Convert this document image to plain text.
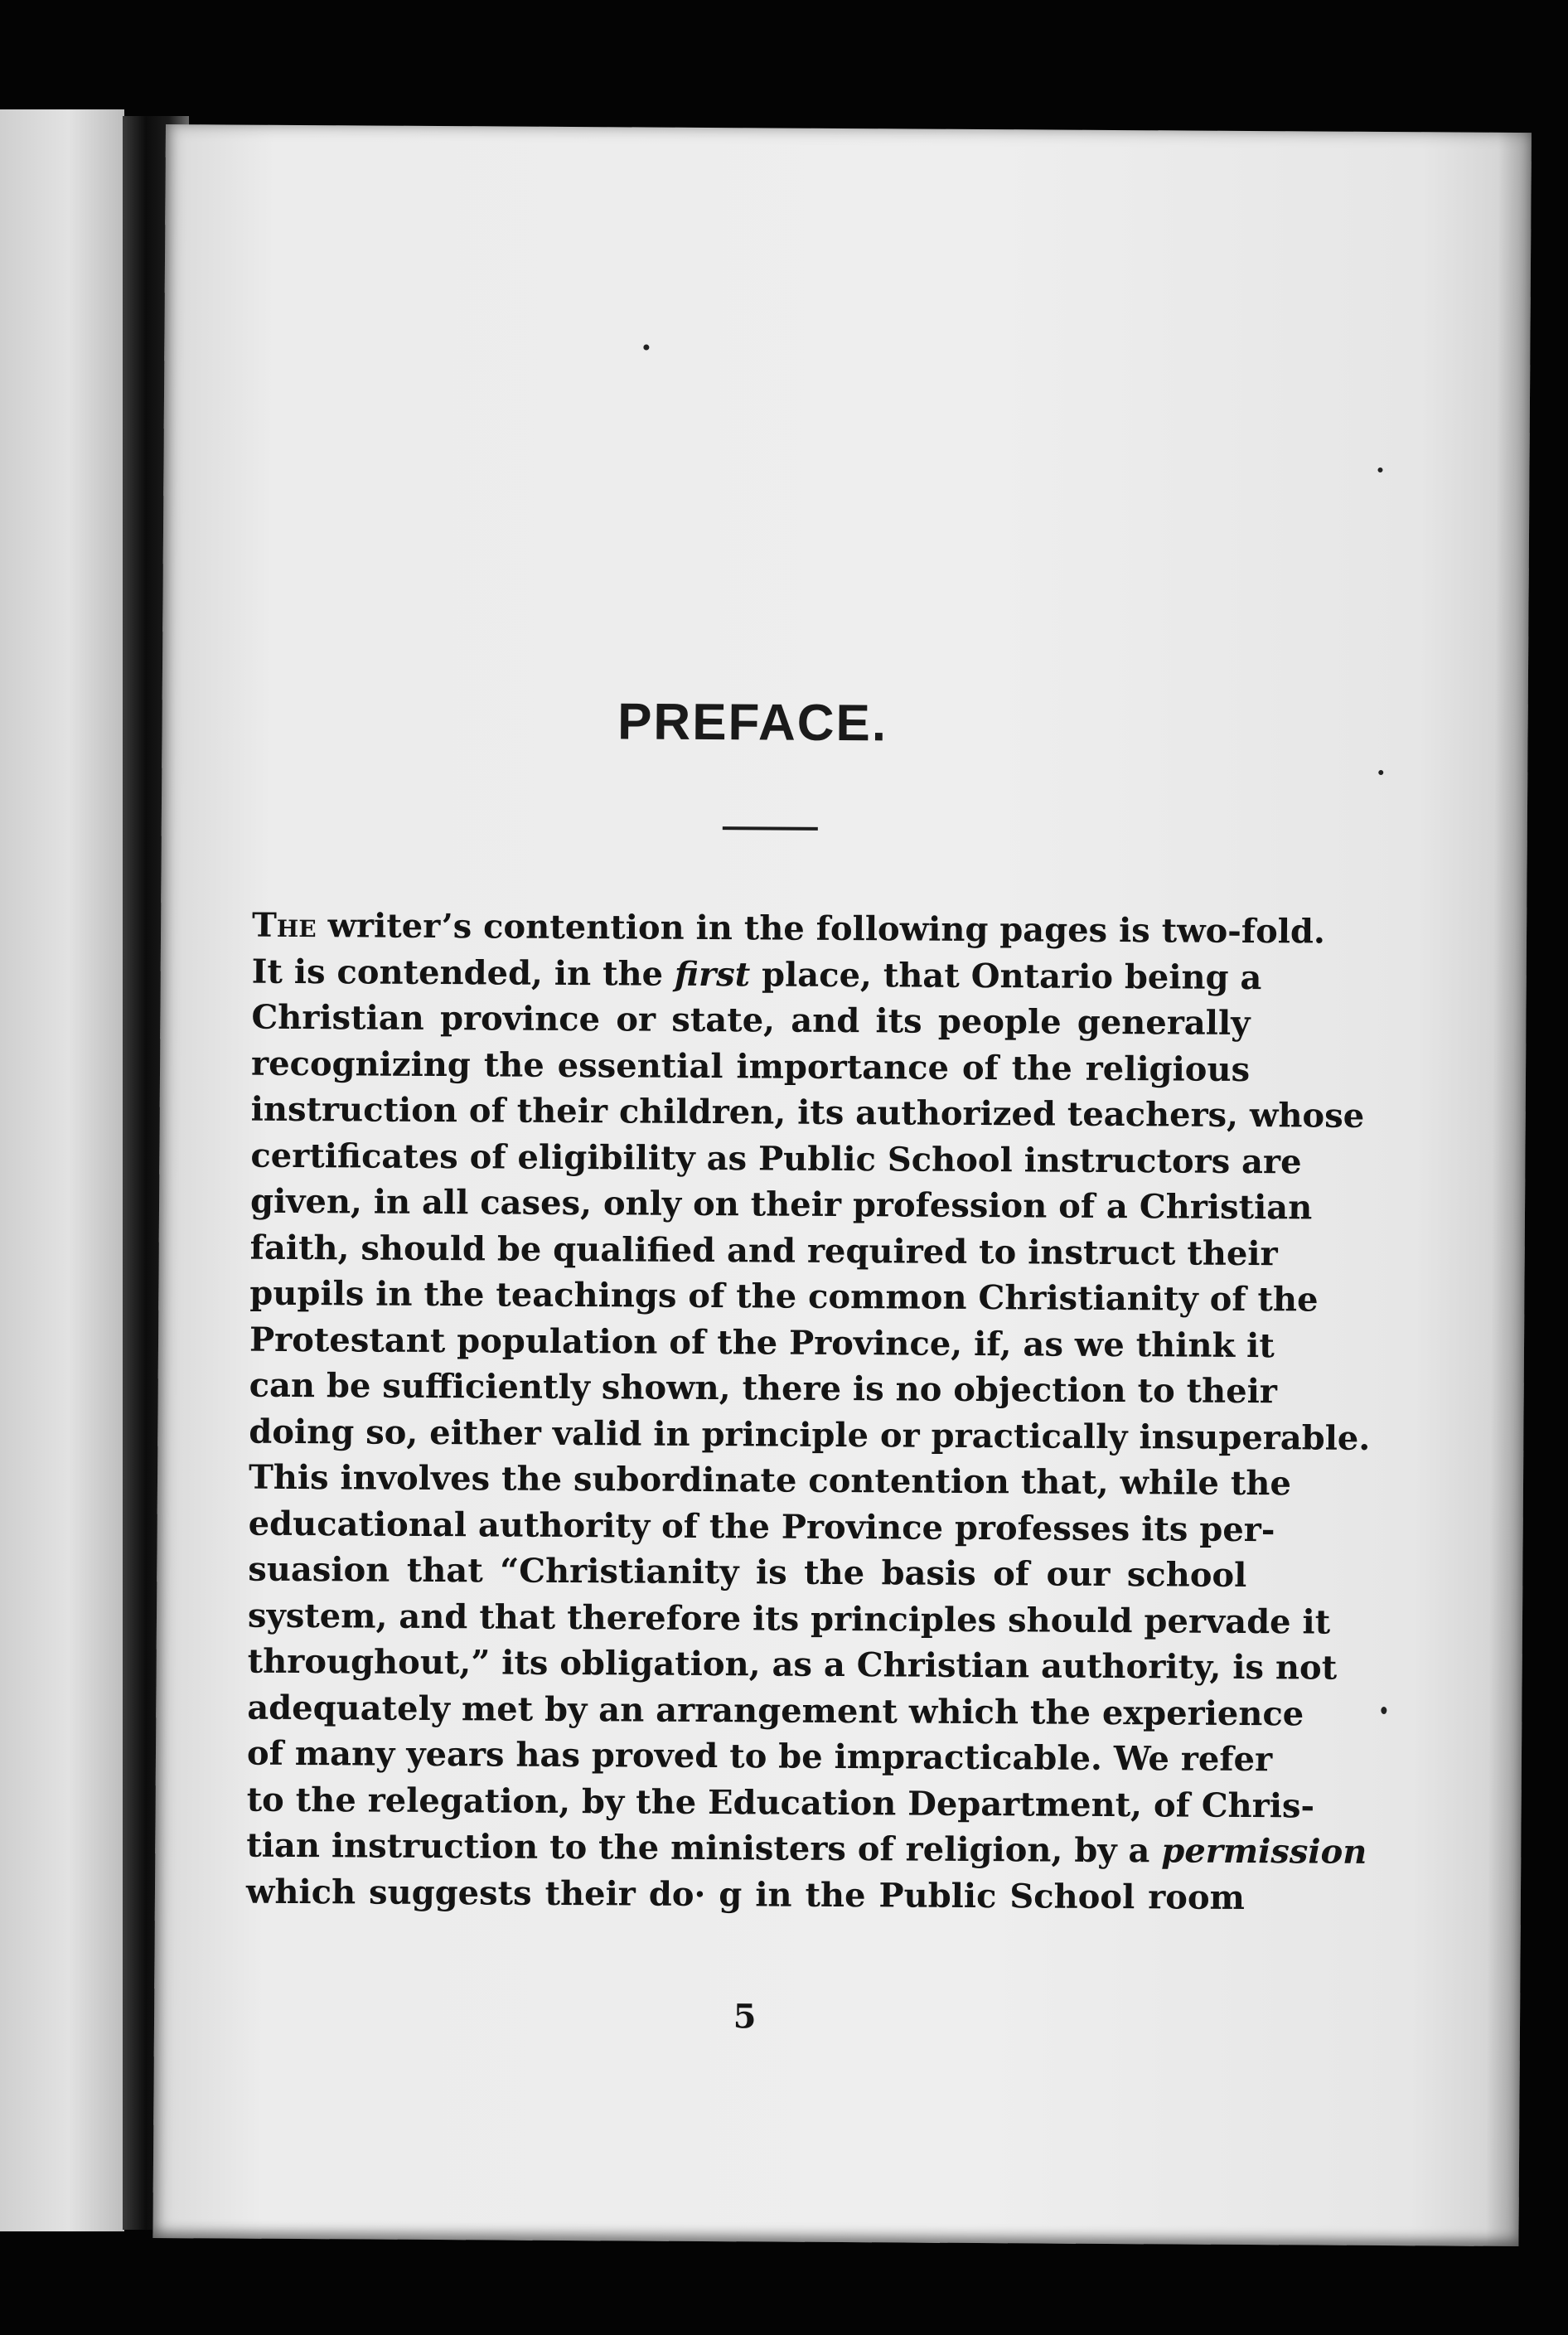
PREFACE.
The writer’s contention in the following pages is two-fold.
It is contended, in the first place, that Ontario being a
Christian province or state, and its people generally
recognizing the essential importance of the religious
instruction of their children, its authorized teachers, whose
certificates of eligibility as Public School instructors are
given, in all cases, only on their profession of a Christian
faith, should be qualified and required to instruct their
pupils in the teachings of the common Christianity of the
Protestant population of the Province, if, as we think it
can be sufficiently shown, there is no objection to their
doing so, either valid in principle or practically insuperable.
This involves the subordinate contention that, while the
educational authority of the Province professes its per-
suasion that “Christianity is the basis of our school
system, and that therefore its principles should pervade it
throughout,” its obligation, as a Christian authority, is not
adequately met by an arrangement which the experience
of many years has proved to be impracticable. We refer
to the relegation, by the Education Department, of Chris-
tian instruction to the ministers of religion, by a permission
which suggests their do· g in the Public School room
5
